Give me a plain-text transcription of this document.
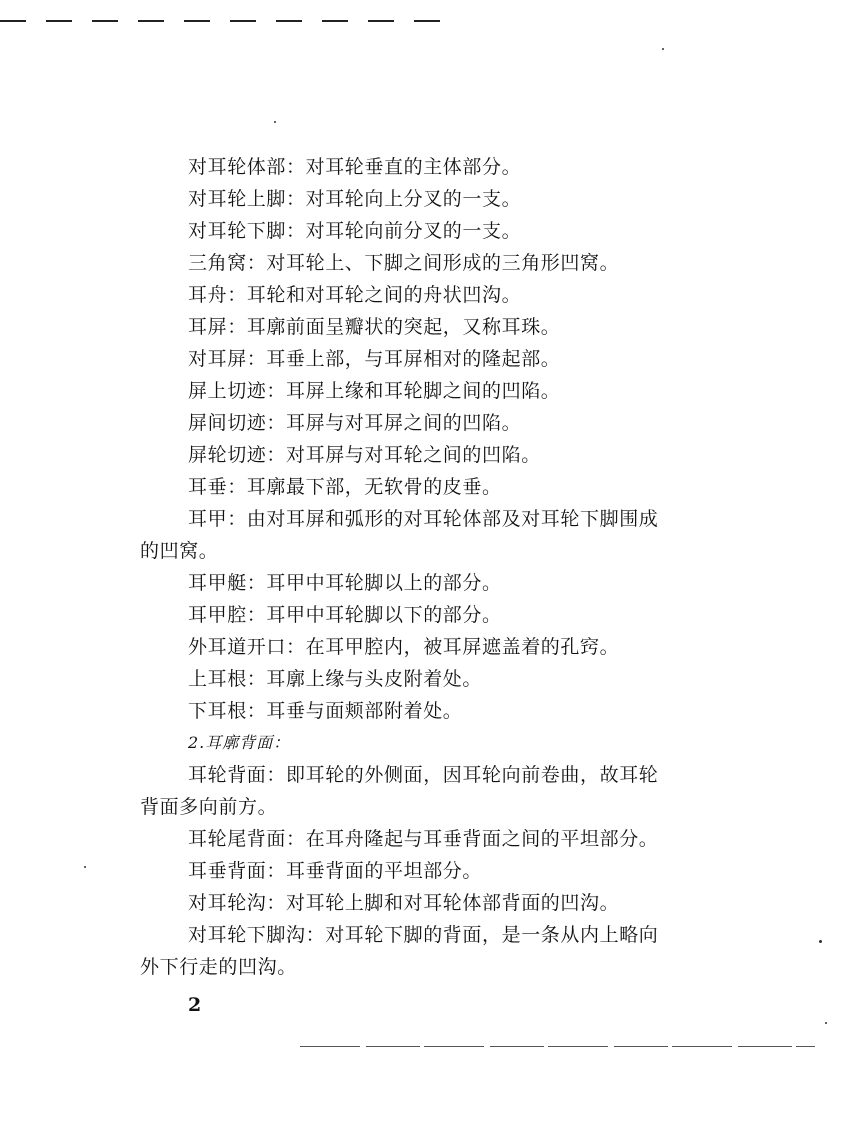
对耳轮体部：对耳轮垂直的主体部分。
对耳轮上脚：对耳轮向上分叉的一支。
对耳轮下脚：对耳轮向前分叉的一支。
三角窝：对耳轮上、下脚之间形成的三角形凹窝。
耳舟：耳轮和对耳轮之间的舟状凹沟。
耳屏：耳廓前面呈瓣状的突起，又称耳珠。
对耳屏：耳垂上部，与耳屏相对的隆起部。
屏上切迹：耳屏上缘和耳轮脚之间的凹陷。
屏间切迹：耳屏与对耳屏之间的凹陷。
屏轮切迹：对耳屏与对耳轮之间的凹陷。
耳垂：耳廓最下部，无软骨的皮垂。
耳甲：由对耳屏和弧形的对耳轮体部及对耳轮下脚围成
的凹窝。
耳甲艇：耳甲中耳轮脚以上的部分。
耳甲腔：耳甲中耳轮脚以下的部分。
外耳道开口：在耳甲腔内，被耳屏遮盖着的孔窍。
上耳根：耳廓上缘与头皮附着处。
下耳根：耳垂与面颊部附着处。
2.耳廓背面：
耳轮背面：即耳轮的外侧面，因耳轮向前卷曲，故耳轮
背面多向前方。
耳轮尾背面：在耳舟隆起与耳垂背面之间的平坦部分。
耳垂背面：耳垂背面的平坦部分。
对耳轮沟：对耳轮上脚和对耳轮体部背面的凹沟。
对耳轮下脚沟：对耳轮下脚的背面，是一条从内上略向
外下行走的凹沟。
2
